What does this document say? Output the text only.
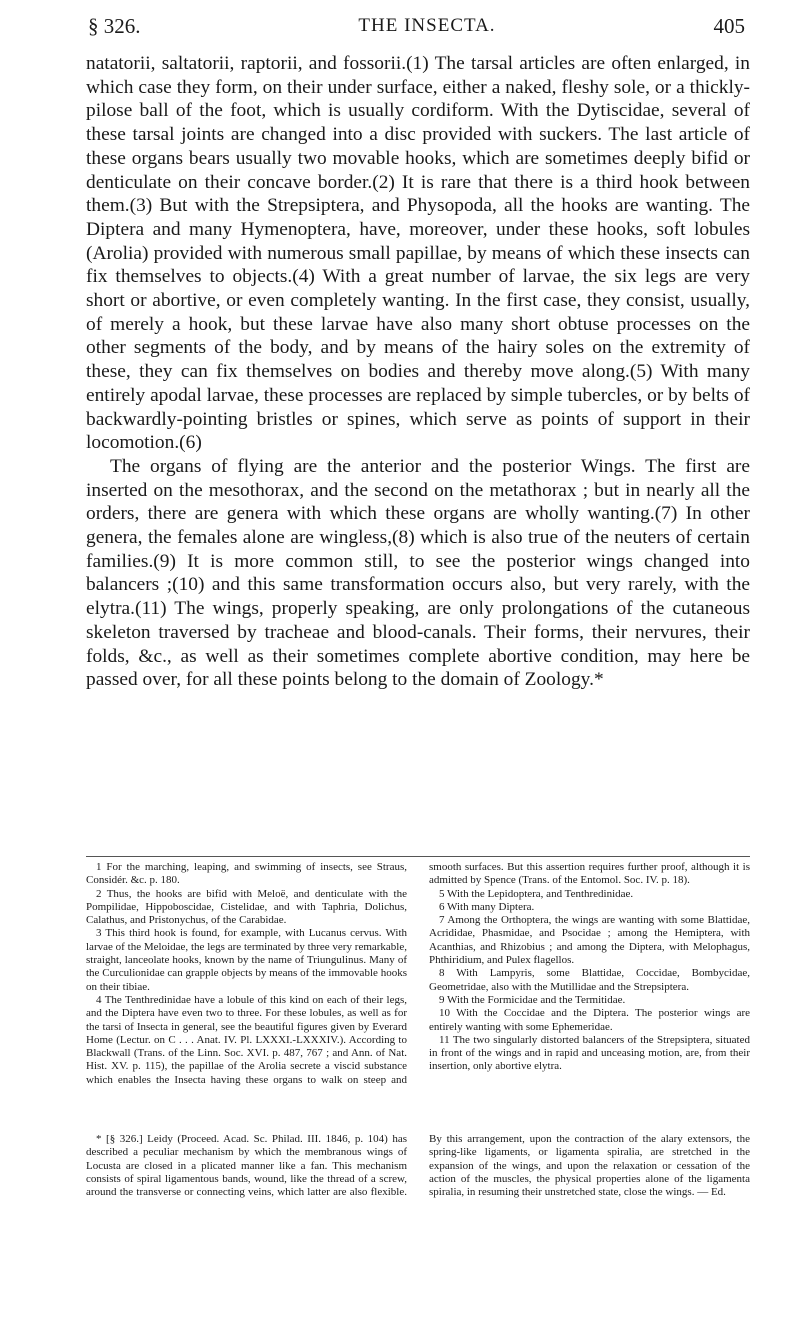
§ 326.	THE INSECTA.	405

natatorii, saltatorii, raptorii, and fossorii.(1) The tarsal articles are often enlarged, in which case they form, on their under surface, either a naked, fleshy sole, or a thickly-pilose ball of the foot, which is usually cordiform. With the Dytiscidae, several of these tarsal joints are changed into a disc provided with suckers. The last article of these organs bears usually two movable hooks, which are sometimes deeply bifid or denticulate on their concave border.(2) It is rare that there is a third hook between them.(3) But with the Strepsiptera, and Physopoda, all the hooks are wanting. The Diptera and many Hymenoptera, have, moreover, under these hooks, soft lobules (Arolia) provided with numerous small papillae, by means of which these insects can fix themselves to objects.(4) With a great number of larvae, the six legs are very short or abortive, or even completely wanting. In the first case, they consist, usually, of merely a hook, but these larvae have also many short obtuse processes on the other segments of the body, and by means of the hairy soles on the extremity of these, they can fix themselves on bodies and thereby move along.(5) With many entirely apodal larvae, these processes are replaced by simple tubercles, or by belts of backwardly-pointing bristles or spines, which serve as points of support in their locomotion.(6)

The organs of flying are the anterior and the posterior Wings. The first are inserted on the mesothorax, and the second on the metathorax ; but in nearly all the orders, there are genera with which these organs are wholly wanting.(7) In other genera, the females alone are wingless,(8) which is also true of the neuters of certain families.(9) It is more common still, to see the posterior wings changed into balancers ;(10) and this same transformation occurs also, but very rarely, with the elytra.(11) The wings, properly speaking, are only prolongations of the cutaneous skeleton traversed by tracheae and blood-canals. Their forms, their nervures, their folds, &c., as well as their sometimes complete abortive condition, may here be passed over, for all these points belong to the domain of Zoology.*

1 For the marching, leaping, and swimming of insects, see Straus, Considér. &c. p. 180.

2 Thus, the hooks are bifid with Meloë, and denticulate with the Pompilidae, Hippoboscidae, Cistelidae, and with Taphria, Dolichus, Calathus, and Pristonychus, of the Carabidae.

3 This third hook is found, for example, with Lucanus cervus. With larvae of the Meloidae, the legs are terminated by three very remarkable, straight, lanceolate hooks, known by the name of Triungulinus. Many of the Curculionidae can grapple objects by means of the immovable hooks on their tibiae.

4 The Tenthredinidae have a lobule of this kind on each of their legs, and the Diptera have even two to three. For these lobules, as well as for the tarsi of Insecta in general, see the beautiful figures given by Everard Home (Lectur. on C . . . Anat. IV. Pl. LXXXI.-LXXXIV.). According to Blackwall (Trans. of the Linn. Soc. XVI. p. 487, 767 ; and Ann. of Nat. Hist. XV. p. 115), the papillae of the Arolia secrete a viscid substance which enables the Insecta having these organs to walk on steep and smooth surfaces. But this assertion requires further proof, although it is admitted by Spence (Trans. of the Entomol. Soc. IV. p. 18).

5 With the Lepidoptera, and Tenthredinidae.

6 With many Diptera.

7 Among the Orthoptera, the wings are wanting with some Blattidae, Acrididae, Phasmidae, and Psocidae ; among the Hemiptera, with Acanthias, and Rhizobius ; and among the Diptera, with Melophagus, Phthiridium, and Pulex flagellos.

8 With Lampyris, some Blattidae, Coccidae, Bombycidae, Geometridae, also with the Mutillidae and the Strepsiptera.

9 With the Formicidae and the Termitidae.

10 With the Coccidae and the Diptera. The posterior wings are entirely wanting with some Ephemeridae.

11 The two singularly distorted balancers of the Strepsiptera, situated in front of the wings and in rapid and unceasing motion, are, from their insertion, only abortive elytra.

* [§ 326.] Leidy (Proceed. Acad. Sc. Philad. III. 1846, p. 104) has described a peculiar mechanism by which the membranous wings of Locusta are closed in a plicated manner like a fan. This mechanism consists of spiral ligamentous bands, wound, like the thread of a screw, around the transverse or connecting veins, which latter are also flexible. By this arrangement, upon the contraction of the alary extensors, the spring-like ligaments, or ligamenta spiralia, are stretched in the expansion of the wings, and upon the relaxation or cessation of the action of the muscles, the physical properties alone of the ligamenta spiralia, in resuming their unstretched state, close the wings. — Ed.
